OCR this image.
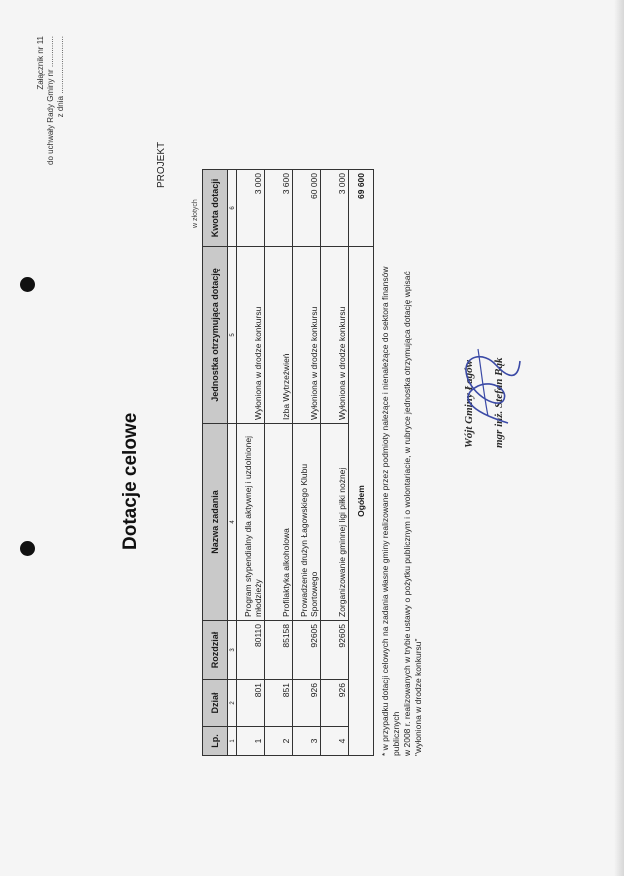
Załącznik nr 11 do uchwały Rady Gminy nr .............. z dnia ..........................
Dotacje celowe
PROJEKT
w złotych
Lp.	Dział	Rozdział	Nazwa zadania	Jednostka otrzymująca dotację	Kwota dotacji
1	2	3	4	5	6
1	801	80110	Program stypendialny dla aktywnej i uzdolnionej młodzieży	Wyłoniona w drodze konkursu	3 000
2	851	85158	Profilaktyka alkoholowa	Izba Wytrzeźwień	3 600
3	926	92605	Prowadzenie drużyn Łagowskiego Klubu Sportowego	Wyłoniona w drodze konkursu	60 000
4	926	92605	Zorganizowanie gminnej ligi piłki nożnej	Wyłoniona w drodze konkursu	3 000
Ogółem					69 600
* w przypadku dotacji celowych na zadania własne gminy realizowane przez podmioty należące i nienależące do sektora finansów publicznych w 2008 r. realizowanych w trybie ustawy o pożytku publicznym i o wolontariacie, w rubryce jednostka otrzymująca dotację wpisać "wyłoniona w drodze konkursu"
Wójt Gminy Łagów	mgr inż. Stefan Bąk
